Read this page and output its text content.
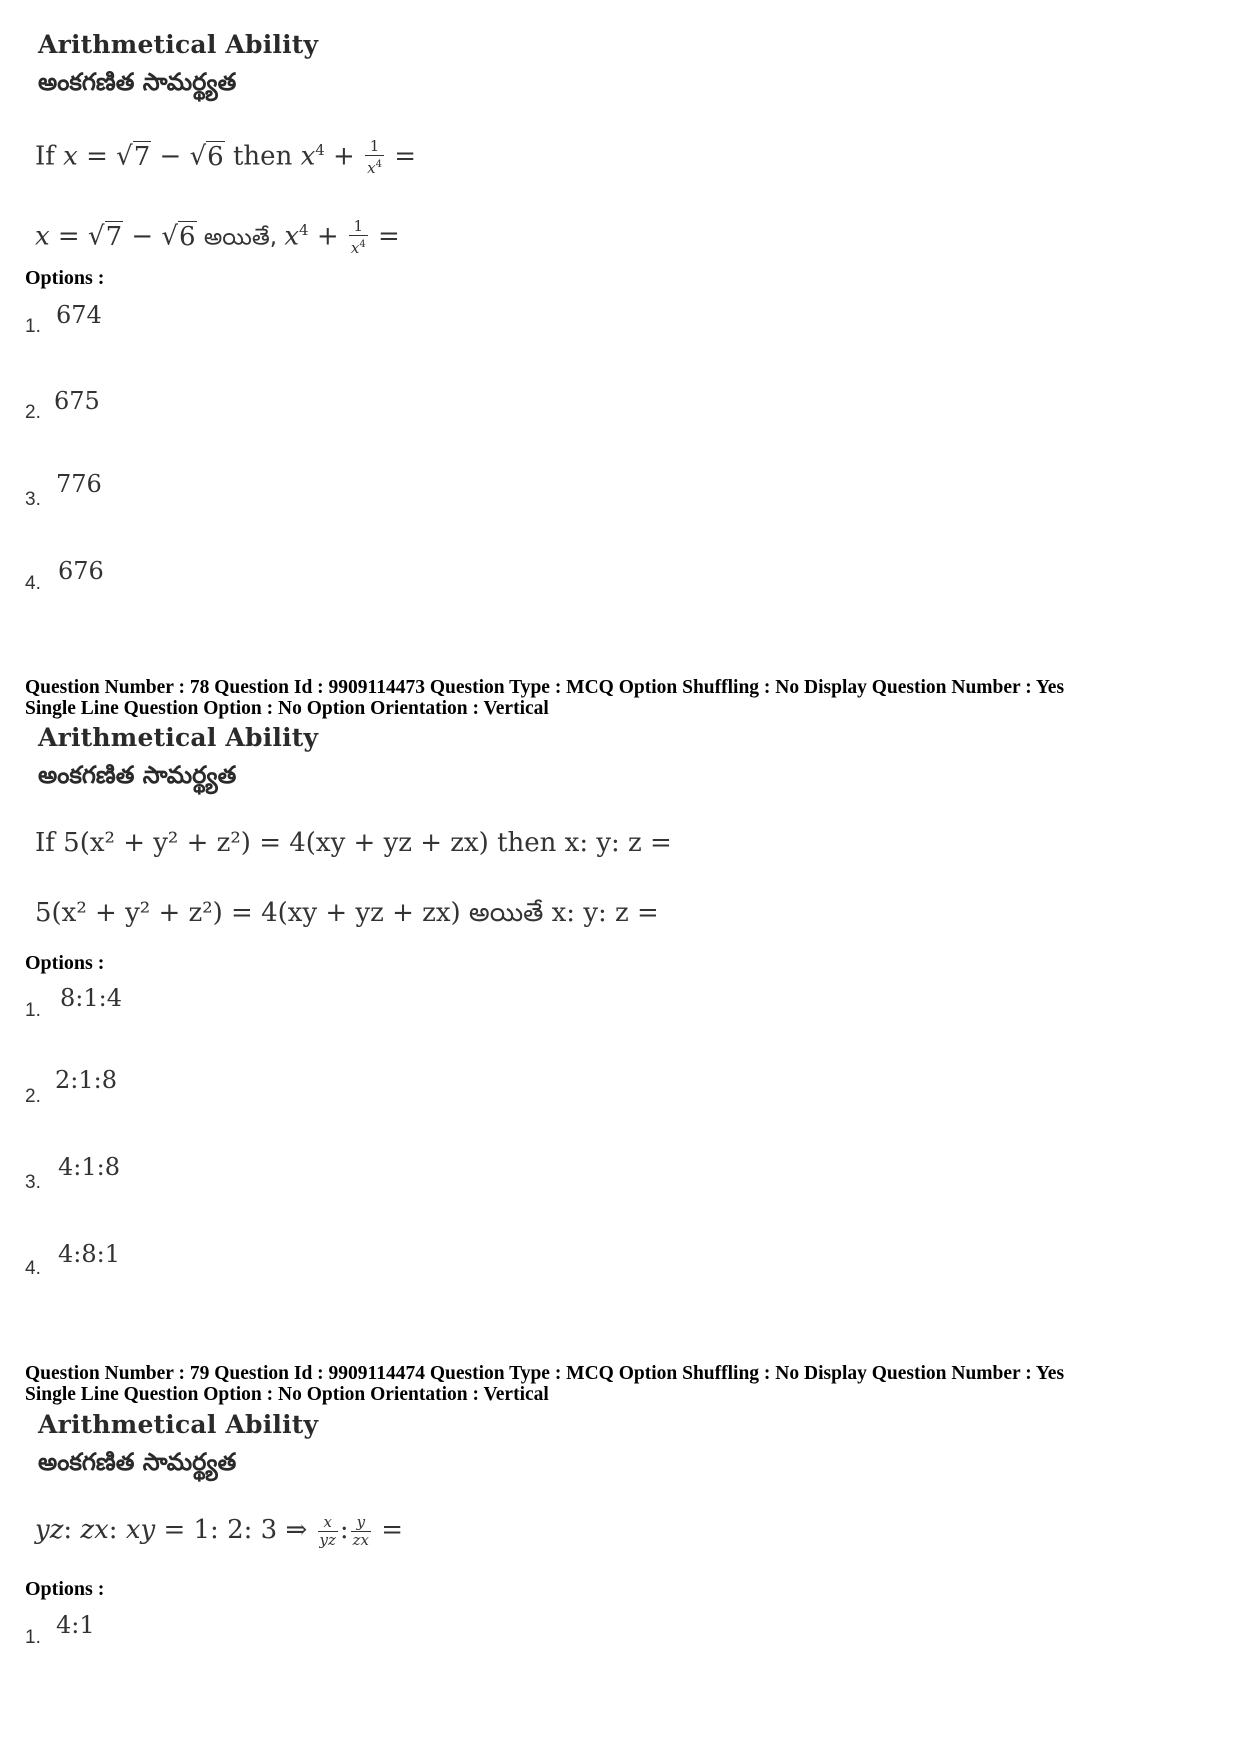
Arithmetical Ability
అంకగణిత సామర్థ్యత
If x = √7 − √6 then $x^4 + \frac{1}{x^4}$ =
x = √7 − √6 అయితే, $x^4 + \frac{1}{x^4}$ =
Options :
1. 674
2. 675
3.
776
4. 676
Question Number : 78 Question Id : 9909114473 Question Type : MCQ Option Shuffling : No Display Question Number : Yes
Single Line Question Option : No Option Orientation : Vertical
Arithmetical Ability
అంకగణిత సామర్థ్యత
If 5(x² + y² + z²) = 4(xy + yz + zx) then x: y: z =
5(x² + y² + z²) = 4(xy + yz + zx) అయితే x: y: z =
Options :
1. 8:1:4
2.
2:1:8
3.
4:1:8
4.
4:8:1
Question Number : 79 Question Id : 9909114474 Question Type : MCQ Option Shuffling : No Display Question Number : Yes
Single Line Question Option : No Option Orientation : Vertical
Arithmetical Ability
అంకగణిత సామర్థ్యత
yz: zx: xy = 1: 2: 3 ⇒ $\frac{x}{yz}$ : $\frac{y}{zx}$ =
Options :
1. 4:1
